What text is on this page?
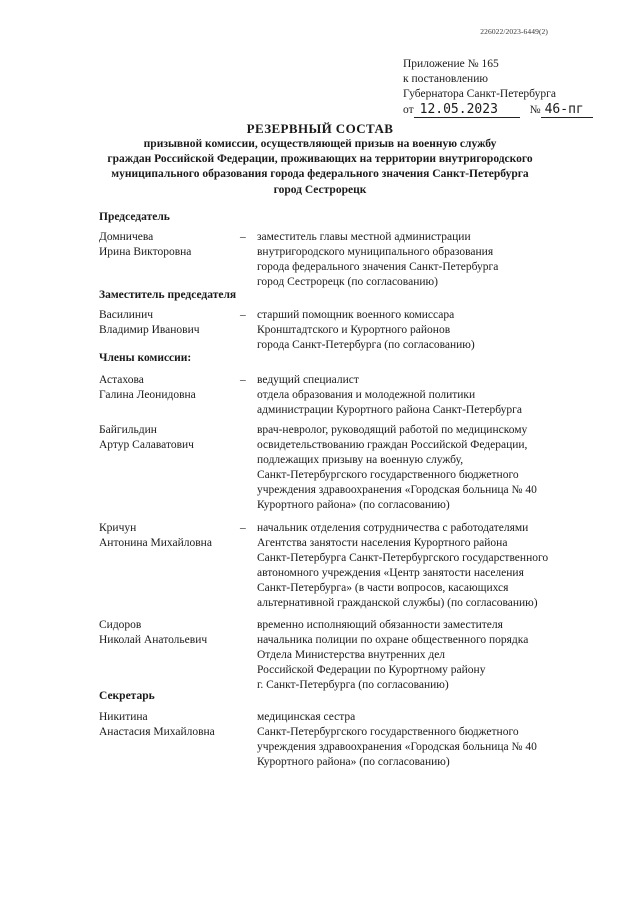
226022/2023-6449(2)
Приложение № 165
к постановлению
Губернатора Санкт-Петербурга
от 12.05.2023	№ 46-пг
РЕЗЕРВНЫЙ СОСТАВ
призывной комиссии, осуществляющей призыв на военную службу
граждан Российской Федерации, проживающих на территории внутригородского
муниципального образования города федерального значения Санкт-Петербурга
город Сестрорецк
Председатель
Домничева
Ирина Викторовна
– заместитель главы местной администрации
внутригородского муниципального образования
города федерального значения Санкт-Петербурга
город Сестрорецк (по согласованию)
Заместитель председателя
Василинич
Владимир Иванович
– старший помощник военного комиссара
Кронштадтского и Курортного районов
города Санкт-Петербурга (по согласованию)
Члены комиссии:
Астахова
Галина Леонидовна
– ведущий специалист
отдела образования и молодежной политики
администрации Курортного района Санкт-Петербурга
Байгильдин
Артур Салаватович
врач-невролог, руководящий работой по медицинскому
освидетельствованию граждан Российской Федерации,
подлежащих призыву на военную службу,
Санкт-Петербургского государственного бюджетного
учреждения здравоохранения «Городская больница № 40
Курортного района» (по согласованию)
Кричун
Антонина Михайловна
– начальник отделения сотрудничества с работодателями
Агентства занятости населения Курортного района
Санкт-Петербурга Санкт-Петербургского государственного
автономного учреждения «Центр занятости населения
Санкт-Петербурга» (в части вопросов, касающихся
альтернативной гражданской службы) (по согласованию)
Сидоров
Николай Анатольевич
временно исполняющий обязанности заместителя
начальника полиции по охране общественного порядка
Отдела Министерства внутренних дел
Российской Федерации по Курортному району
г. Санкт-Петербурга (по согласованию)
Секретарь
Никитина
Анастасия Михайловна
медицинская сестра
Санкт-Петербургского государственного бюджетного
учреждения здравоохранения «Городская больница № 40
Курортного района» (по согласованию)
